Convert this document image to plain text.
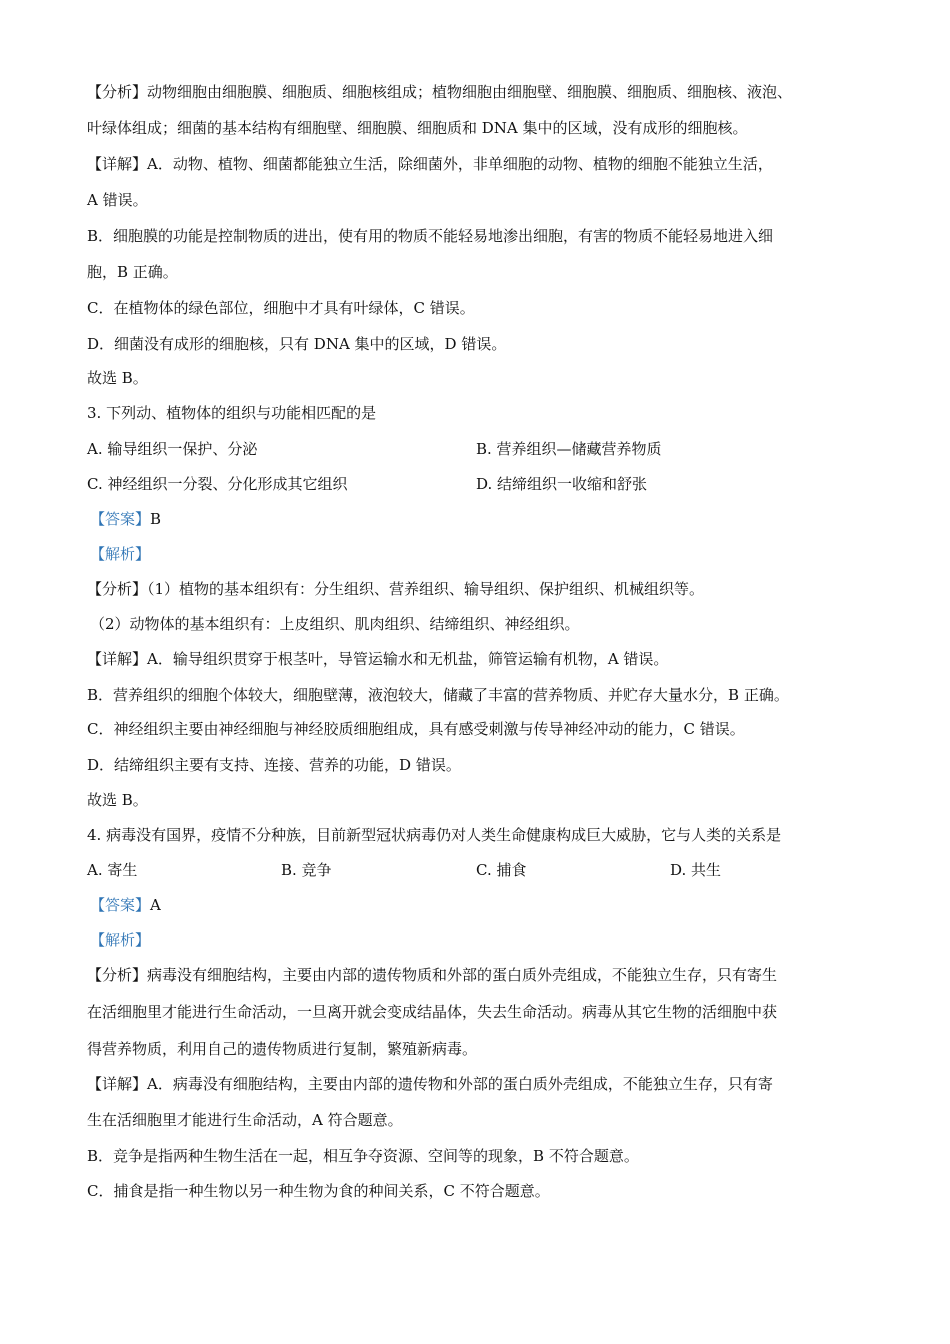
【分析】动物细胞由细胞膜、细胞质、细胞核组成；植物细胞由细胞壁、细胞膜、细胞质、细胞核、液泡、
叶绿体组成；细菌的基本结构有细胞壁、细胞膜、细胞质和 DNA 集中的区域，没有成形的细胞核。
【详解】A．动物、植物、细菌都能独立生活，除细菌外，非单细胞的动物、植物的细胞不能独立生活，
A 错误。
B．细胞膜的功能是控制物质的进出，使有用的物质不能轻易地渗出细胞，有害的物质不能轻易地进入细
胞，B 正确。
C．在植物体的绿色部位，细胞中才具有叶绿体，C 错误。
D．细菌没有成形的细胞核，只有 DNA 集中的区域，D 错误。
故选 B。
3. 下列动、植物体的组织与功能相匹配的是
A. 输导组织一保护、分泌	B. 营养组织—储藏营养物质
C. 神经组织一分裂、分化形成其它组织	D. 结缔组织一收缩和舒张
【答案】B
【解析】
【分析】（1）植物的基本组织有：分生组织、营养组织、输导组织、保护组织、机械组织等。
（2）动物体的基本组织有：上皮组织、肌肉组织、结缔组织、神经组织。
【详解】A．输导组织贯穿于根茎叶，导管运输水和无机盐，筛管运输有机物，A 错误。
B．营养组织的细胞个体较大，细胞壁薄，液泡较大，储藏了丰富的营养物质、并贮存大量水分，B 正确。
C．神经组织主要由神经细胞与神经胶质细胞组成，具有感受刺激与传导神经冲动的能力，C 错误。
D．结缔组织主要有支持、连接、营养的功能，D 错误。
故选 B。
4. 病毒没有国界，疫情不分种族，目前新型冠状病毒仍对人类生命健康构成巨大威胁，它与人类的关系是
A. 寄生	B. 竞争	C. 捕食	D. 共生
【答案】A
【解析】
【分析】病毒没有细胞结构，主要由内部的遗传物质和外部的蛋白质外壳组成，不能独立生存，只有寄生
在活细胞里才能进行生命活动，一旦离开就会变成结晶体，失去生命活动。病毒从其它生物的活细胞中获
得营养物质，利用自己的遗传物质进行复制，繁殖新病毒。
【详解】A．病毒没有细胞结构，主要由内部的遗传物和外部的蛋白质外壳组成，不能独立生存，只有寄
生在活细胞里才能进行生命活动，A 符合题意。
B．竞争是指两种生物生活在一起，相互争夺资源、空间等的现象，B 不符合题意。
C．捕食是指一种生物以另一种生物为食的种间关系，C 不符合题意。
